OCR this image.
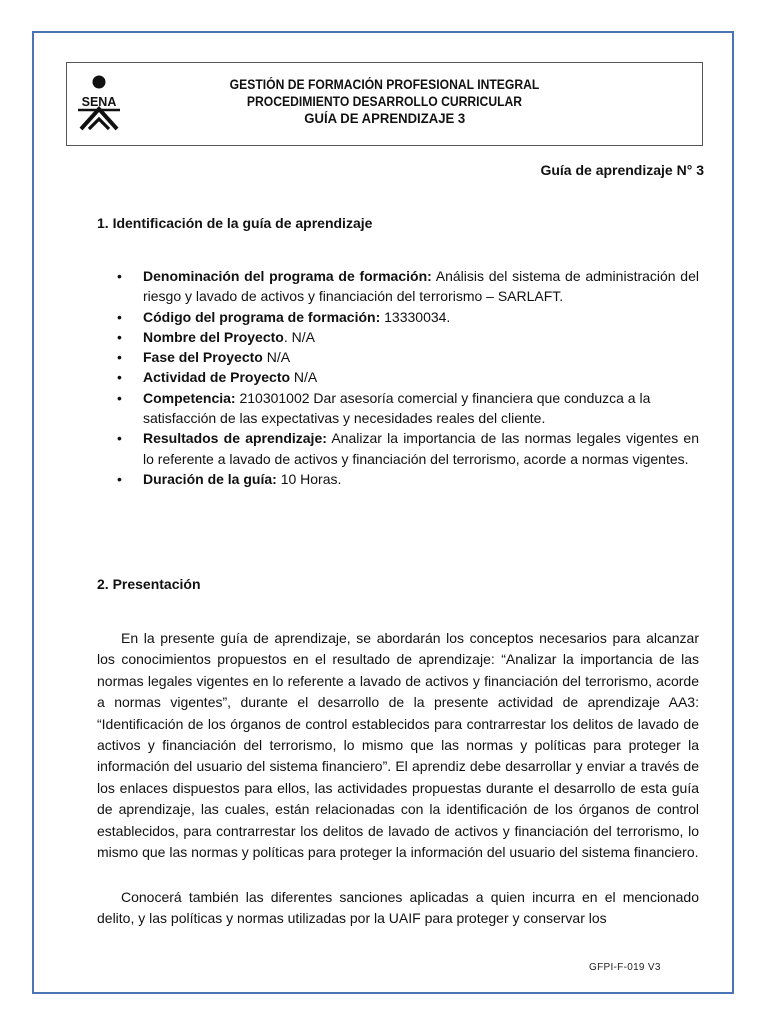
SENA
GESTIÓN DE FORMACIÓN PROFESIONAL INTEGRAL
PROCEDIMIENTO DESARROLLO CURRICULAR
GUÍA DE APRENDIZAJE 3
Guía de aprendizaje N° 3
1. Identificación de la guía de aprendizaje
• Denominación del programa de formación: Análisis del sistema de administración del riesgo y lavado de activos y financiación del terrorismo – SARLAFT.
• Código del programa de formación: 13330034.
• Nombre del Proyecto. N/A
• Fase del Proyecto N/A
• Actividad de Proyecto N/A
• Competencia: 210301002 Dar asesoría comercial y financiera que conduzca a la satisfacción de las expectativas y necesidades reales del cliente.
• Resultados de aprendizaje: Analizar la importancia de las normas legales vigentes en lo referente a lavado de activos y financiación del terrorismo, acorde a normas vigentes.
• Duración de la guía: 10 Horas.
2. Presentación

En la presente guía de aprendizaje, se abordarán los conceptos necesarios para alcanzar los conocimientos propuestos en el resultado de aprendizaje: “Analizar la importancia de las normas legales vigentes en lo referente a lavado de activos y financiación del terrorismo, acorde a normas vigentes”, durante el desarrollo de la presente actividad de aprendizaje AA3: “Identificación de los órganos de control establecidos para contrarrestar los delitos de lavado de activos y financiación del terrorismo, lo mismo que las normas y políticas para proteger la información del usuario del sistema financiero”. El aprendiz debe desarrollar y enviar a través de los enlaces dispuestos para ellos, las actividades propuestas durante el desarrollo de esta guía de aprendizaje, las cuales, están relacionadas con la identificación de los órganos de control establecidos, para contrarrestar los delitos de lavado de activos y financiación del terrorismo, lo mismo que las normas y políticas para proteger la información del usuario del sistema financiero.

Conocerá también las diferentes sanciones aplicadas a quien incurra en el mencionado delito, y las políticas y normas utilizadas por la UAIF para proteger y conservar los

GFPI-F-019 V3
